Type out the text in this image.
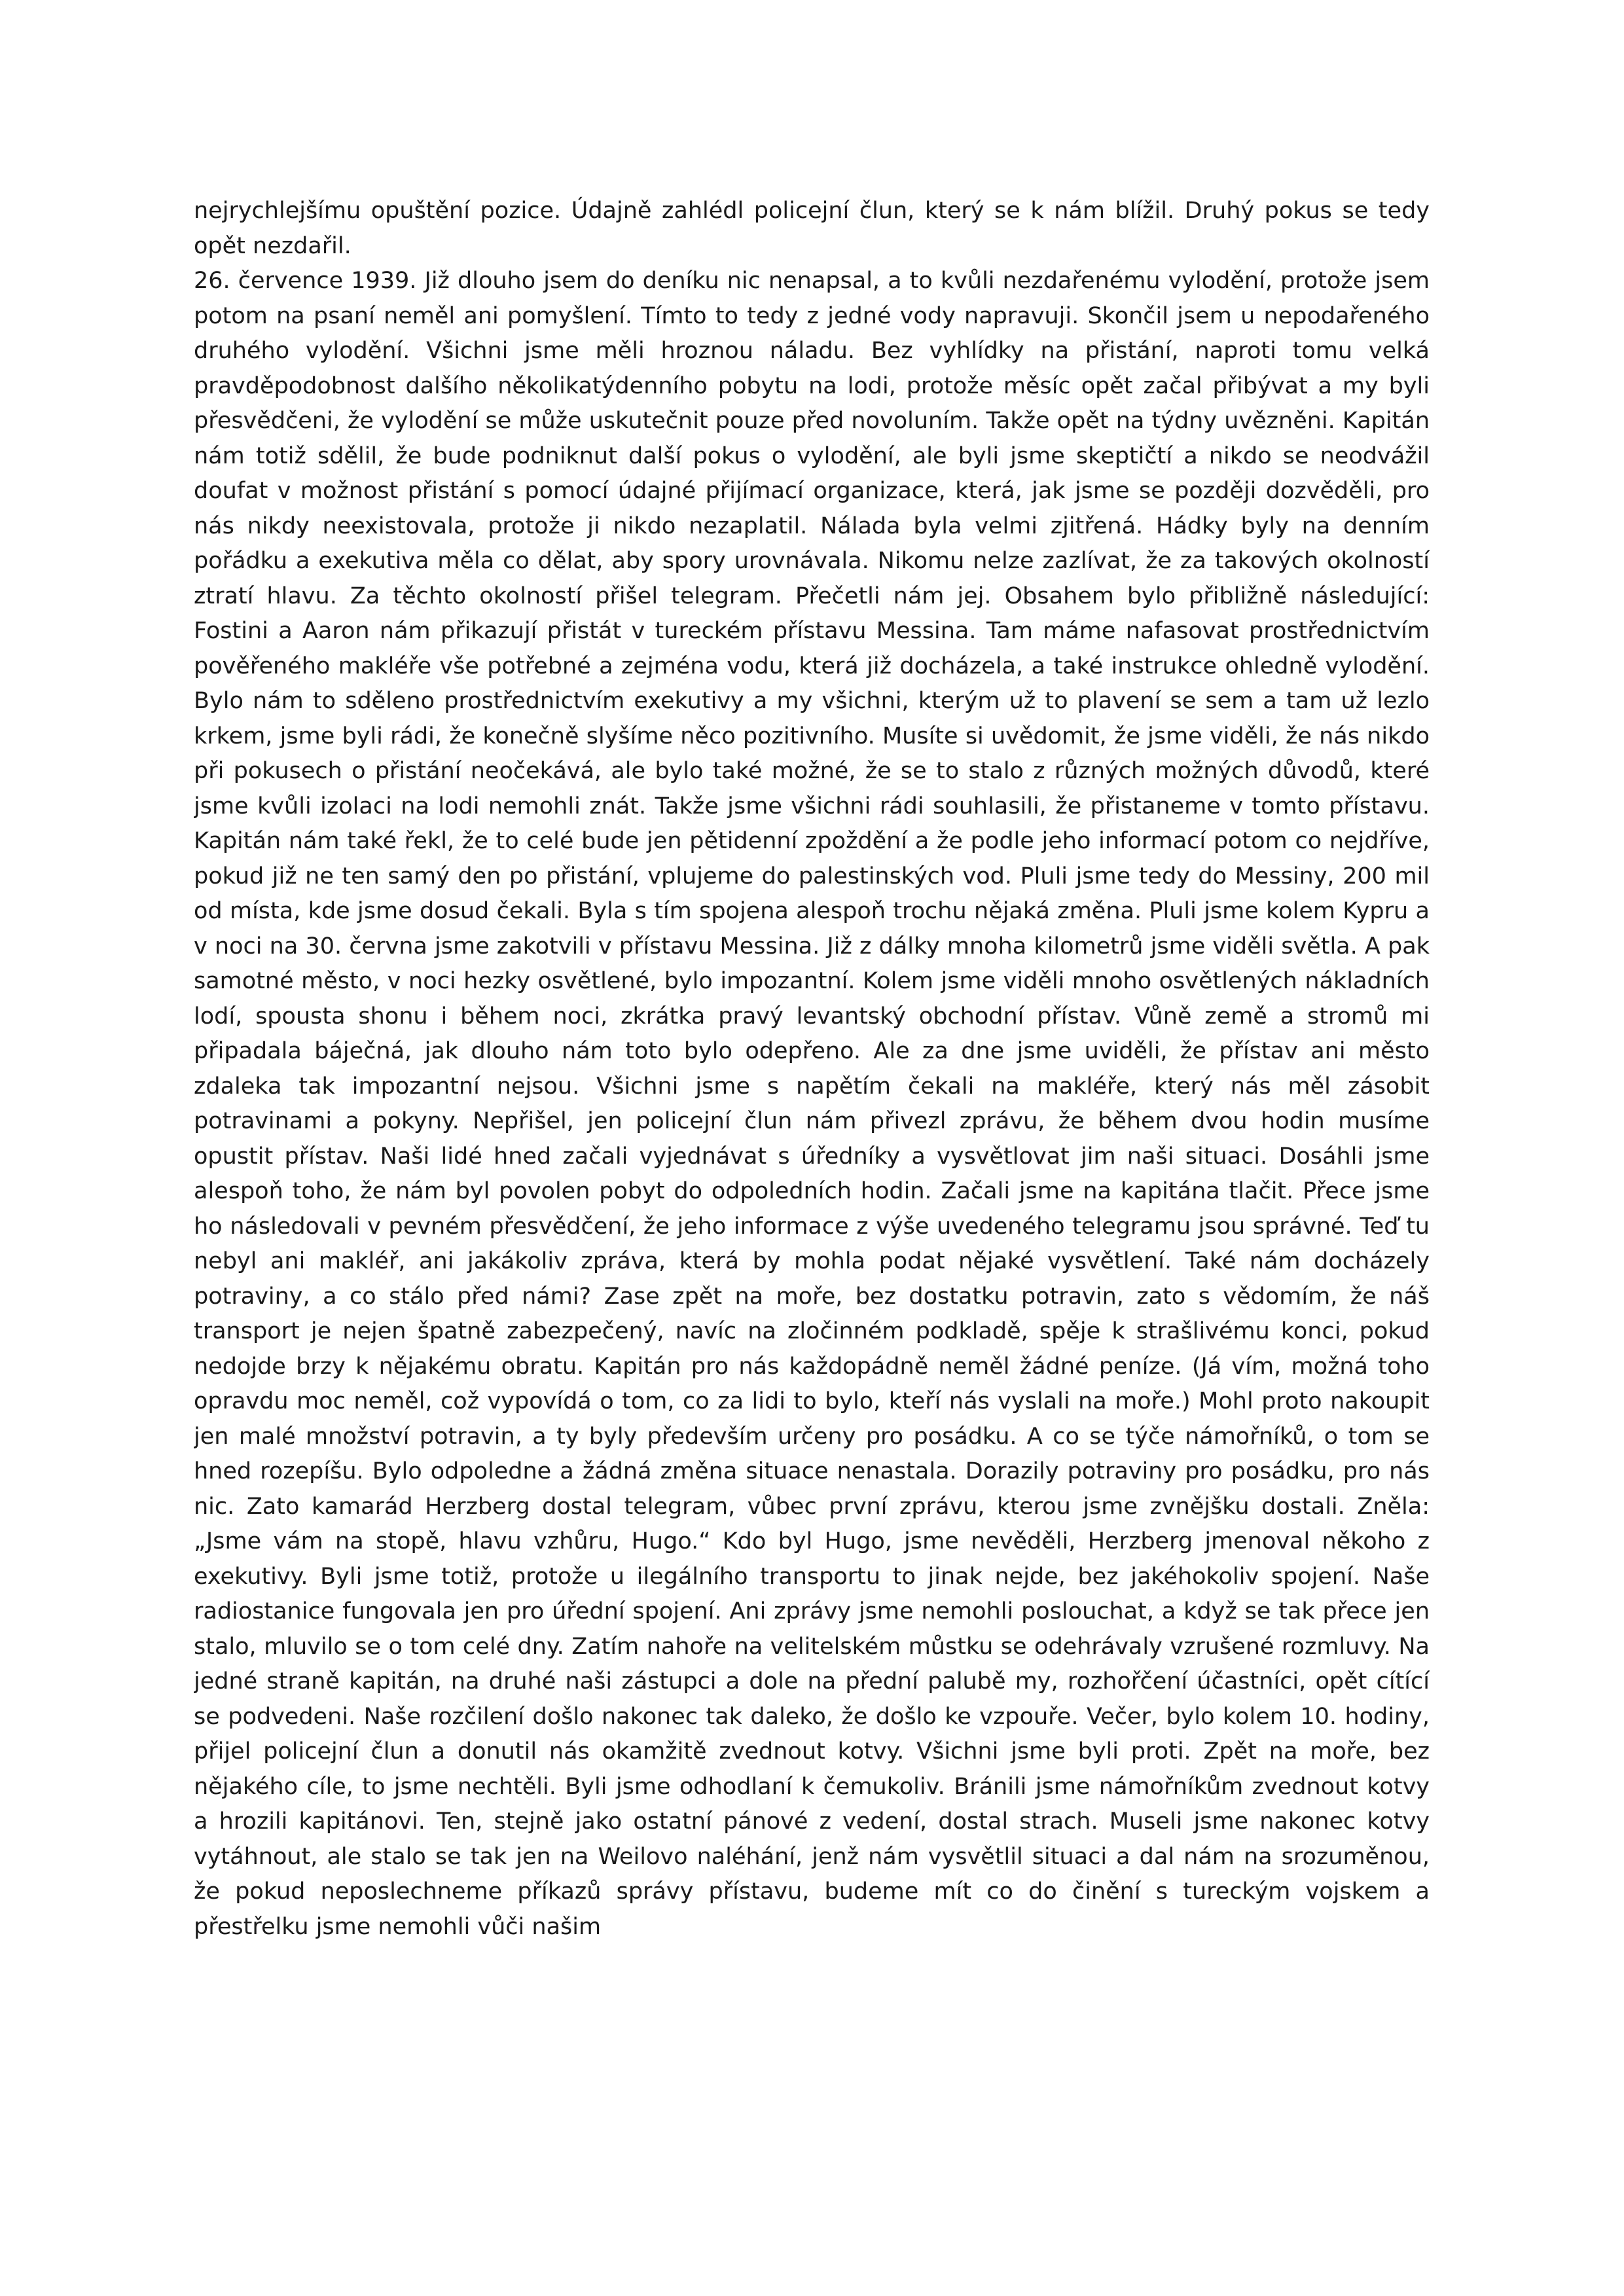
nejrychlejšímu opuštění pozice. Údajně zahlédl policejní člun, který se k nám blížil. Druhý pokus se tedy opět nezdařil.

26. července 1939. Již dlouho jsem do deníku nic nenapsal, a to kvůli nezdařenému vylodění, protože jsem potom na psaní neměl ani pomyšlení. Tímto to tedy z jedné vody napravuji. Skončil jsem u nepodařeného druhého vylodění. Všichni jsme měli hroznou náladu. Bez vyhlídky na přistání, naproti tomu velká pravděpodobnost dalšího několikatýdenního pobytu na lodi, protože měsíc opět začal přibývat a my byli přesvědčeni, že vylodění se může uskutečnit pouze před novoluním. Takže opět na týdny uvězněni. Kapitán nám totiž sdělil, že bude podniknut další pokus o vylodění, ale byli jsme skeptičtí a nikdo se neodvážil doufat v možnost přistání s pomocí údajné přijímací organizace, která, jak jsme se později dozvěděli, pro nás nikdy neexistovala, protože ji nikdo nezaplatil. Nálada byla velmi zjitřená. Hádky byly na denním pořádku a exekutiva měla co dělat, aby spory urovnávala. Nikomu nelze zazlívat, že za takových okolností ztratí hlavu. Za těchto okolností přišel telegram. Přečetli nám jej. Obsahem bylo přibližně následující: Fostini a Aaron nám přikazují přistát v tureckém přístavu Messina. Tam máme nafasovat prostřednictvím pověřeného makléře vše potřebné a zejména vodu, která již docházela, a také instrukce ohledně vylodění. Bylo nám to sděleno prostřednictvím exekutivy a my všichni, kterým už to plavení se sem a tam už lezlo krkem, jsme byli rádi, že konečně slyšíme něco pozitivního. Musíte si uvědomit, že jsme viděli, že nás nikdo při pokusech o přistání neočekává, ale bylo také možné, že se to stalo z různých možných důvodů, které jsme kvůli izolaci na lodi nemohli znát. Takže jsme všichni rádi souhlasili, že přistaneme v tomto přístavu. Kapitán nám také řekl, že to celé bude jen pětidenní zpoždění a že podle jeho informací potom co nejdříve, pokud již ne ten samý den po přistání, vplujeme do palestinských vod. Pluli jsme tedy do Messiny, 200 mil od místa, kde jsme dosud čekali. Byla s tím spojena alespoň trochu nějaká změna. Pluli jsme kolem Kypru a v noci na 30. června jsme zakotvili v přístavu Messina. Již z dálky mnoha kilometrů jsme viděli světla. A pak samotné město, v noci hezky osvětlené, bylo impozantní. Kolem jsme viděli mnoho osvětlených nákladních lodí, spousta shonu i během noci, zkrátka pravý levantský obchodní přístav. Vůně země a stromů mi připadala báječná, jak dlouho nám toto bylo odepřeno. Ale za dne jsme uviděli, že přístav ani město zdaleka tak impozantní nejsou. Všichni jsme s napětím čekali na makléře, který nás měl zásobit potravinami a pokyny. Nepřišel, jen policejní člun nám přivezl zprávu, že během dvou hodin musíme opustit přístav. Naši lidé hned začali vyjednávat s úředníky a vysvětlovat jim naši situaci. Dosáhli jsme alespoň toho, že nám byl povolen pobyt do odpoledních hodin. Začali jsme na kapitána tlačit. Přece jsme ho následovali v pevném přesvědčení, že jeho informace z výše uvedeného telegramu jsou správné. Teď tu nebyl ani makléř, ani jakákoliv zpráva, která by mohla podat nějaké vysvětlení. Také nám docházely potraviny, a co stálo před námi? Zase zpět na moře, bez dostatku potravin, zato s vědomím, že náš transport je nejen špatně zabezpečený, navíc na zločinném podkladě, spěje k strašlivému konci, pokud nedojde brzy k nějakému obratu. Kapitán pro nás každopádně neměl žádné peníze. (Já vím, možná toho opravdu moc neměl, což vypovídá o tom, co za lidi to bylo, kteří nás vyslali na moře.) Mohl proto nakoupit jen malé množství potravin, a ty byly především určeny pro posádku. A co se týče námořníků, o tom se hned rozepíšu. Bylo odpoledne a žádná změna situace nenastala. Dorazily potraviny pro posádku, pro nás nic. Zato kamarád Herzberg dostal telegram, vůbec první zprávu, kterou jsme zvnějšku dostali. Zněla: „Jsme vám na stopě, hlavu vzhůru, Hugo.“ Kdo byl Hugo, jsme nevěděli, Herzberg jmenoval někoho z exekutivy. Byli jsme totiž, protože u ilegálního transportu to jinak nejde, bez jakéhokoliv spojení. Naše radiostanice fungovala jen pro úřední spojení. Ani zprávy jsme nemohli poslouchat, a když se tak přece jen stalo, mluvilo se o tom celé dny. Zatím nahoře na velitelském můstku se odehrávaly vzrušené rozmluvy. Na jedné straně kapitán, na druhé naši zástupci a dole na přední palubě my, rozhořčení účastníci, opět cítící se podvedeni. Naše rozčilení došlo nakonec tak daleko, že došlo ke vzpouře. Večer, bylo kolem 10. hodiny, přijel policejní člun a donutil nás okamžitě zvednout kotvy. Všichni jsme byli proti. Zpět na moře, bez nějakého cíle, to jsme nechtěli. Byli jsme odhodlaní k čemukoliv. Bránili jsme námořníkům zvednout kotvy a hrozili kapitánovi. Ten, stejně jako ostatní pánové z vedení, dostal strach. Museli jsme nakonec kotvy vytáhnout, ale stalo se tak jen na Weilovo naléhání, jenž nám vysvětlil situaci a dal nám na srozuměnou, že pokud neposlechneme příkazů správy přístavu, budeme mít co do činění s tureckým vojskem a přestřelku jsme nemohli vůči našim
